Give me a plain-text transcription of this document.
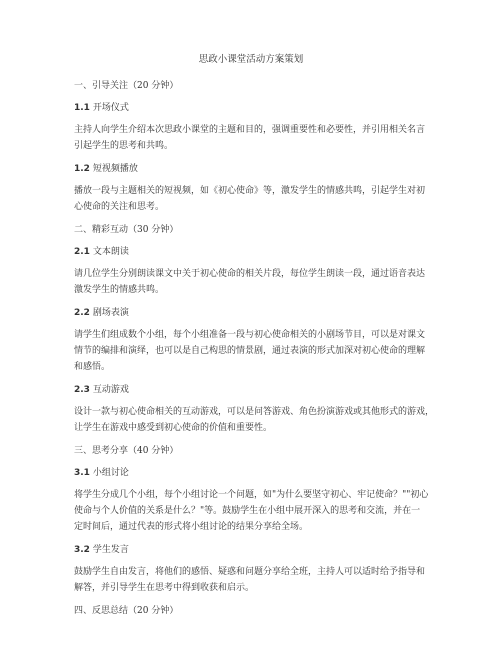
思政小课堂活动方案策划
一、引导关注（20 分钟）
1.1 开场仪式
主持人向学生介绍本次思政小课堂的主题和目的，强调重要性和必要性，并引用相关名言
引起学生的思考和共鸣。
1.2 短视频播放
播放一段与主题相关的短视频，如《初心使命》等，激发学生的情感共鸣，引起学生对初
心使命的关注和思考。
二、精彩互动（30 分钟）
2.1 文本朗读
请几位学生分别朗读课文中关于初心使命的相关片段，每位学生朗读一段，通过语音表达
激发学生的情感共鸣。
2.2 剧场表演
请学生们组成数个小组，每个小组准备一段与初心使命相关的小剧场节目，可以是对课文
情节的编排和演绎，也可以是自己构思的情景剧，通过表演的形式加深对初心使命的理解
和感悟。
2.3 互动游戏
设计一款与初心使命相关的互动游戏，可以是问答游戏、角色扮演游戏或其他形式的游戏，
让学生在游戏中感受到初心使命的价值和重要性。
三、思考分享（40 分钟）
3.1 小组讨论
将学生分成几个小组，每个小组讨论一个问题，如"为什么要坚守初心、牢记使命？""初心
使命与个人价值的关系是什么？"等。鼓励学生在小组中展开深入的思考和交流，并在一
定时间后，通过代表的形式将小组讨论的结果分享给全场。
3.2 学生发言
鼓励学生自由发言，将他们的感悟、疑惑和问题分享给全班，主持人可以适时给予指导和
解答，并引导学生在思考中得到收获和启示。
四、反思总结（20 分钟）
